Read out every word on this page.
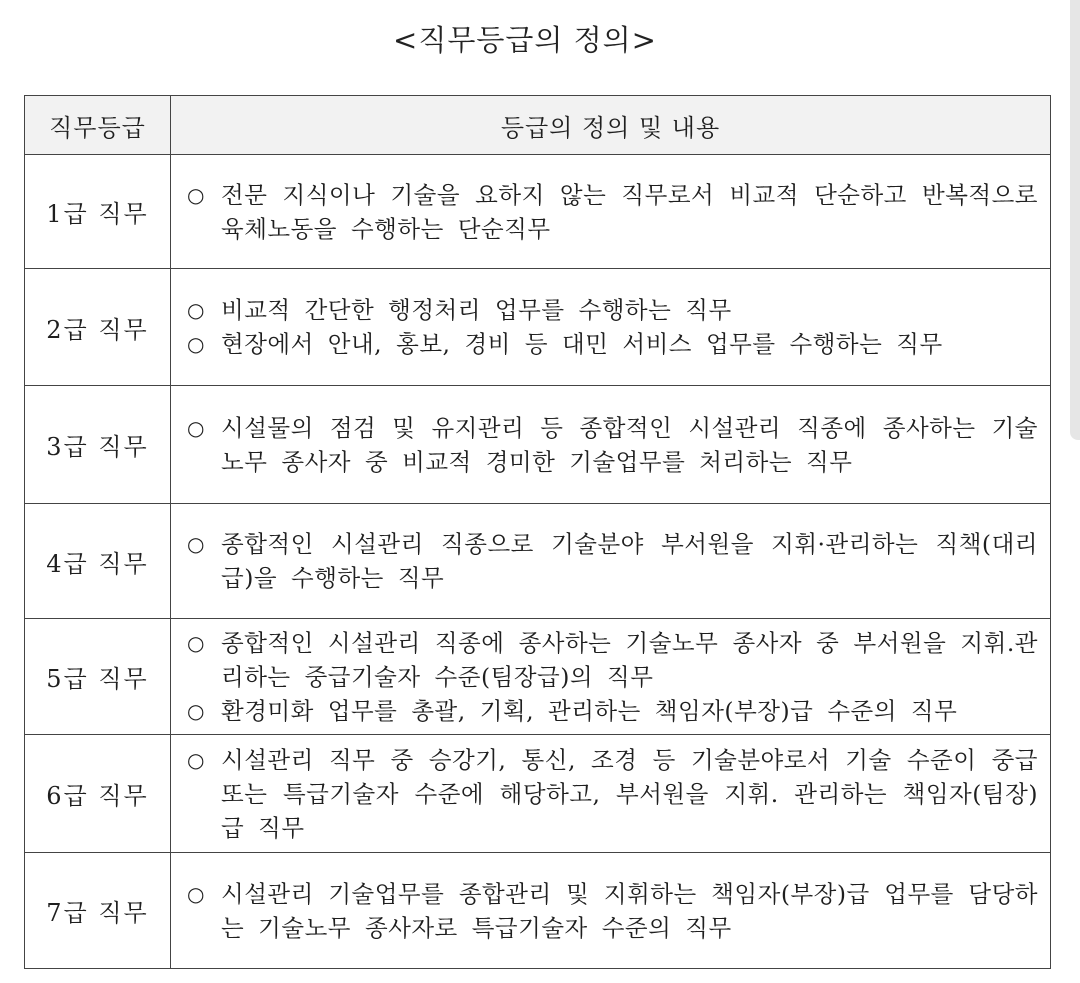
<직무등급의 정의>
직무등급	등급의 정의 및 내용
1급 직무	○ 전문 지식이나 기술을 요하지 않는 직무로서 비교적 단순하고 반복적으로 육체노동을 수행하는 단순직무

2급 직무	○ 비교적 간단한 행정처리 업무를 수행하는 직무
○ 현장에서 안내, 홍보, 경비 등 대민 서비스 업무를 수행하는 직무

3급 직무	○ 시설물의 점검 및 유지관리 등 종합적인 시설관리 직종에 종사하는 기술노무 종사자 중 비교적 경미한 기술업무를 처리하는 직무

4급 직무	○ 종합적인 시설관리 직종으로 기술분야 부서원을 지휘·관리하는 직책(대리급)을 수행하는 직무

5급 직무	○ 종합적인 시설관리 직종에 종사하는 기술노무 종사자 중 부서원을 지휘.관리하는 중급기술자 수준(팀장급)의 직무
○ 환경미화 업무를 총괄, 기획, 관리하는 책임자(부장)급 수준의 직무

6급 직무	○ 시설관리 직무 중 승강기, 통신, 조경 등 기술분야로서 기술 수준이 중급 또는 특급기술자 수준에 해당하고, 부서원을 지휘. 관리하는 책임자(팀장)급 직무

7급 직무	○ 시설관리 기술업무를 종합관리 및 지휘하는 책임자(부장)급 업무를 담당하는 기술노무 종사자로 특급기술자 수준의 직무
